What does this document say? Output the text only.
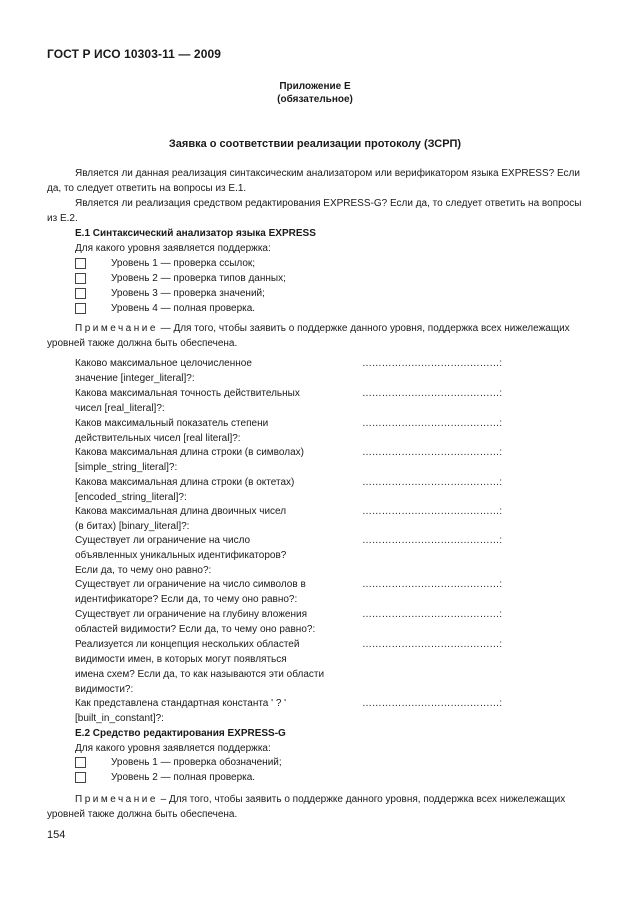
ГОСТ Р ИСО 10303-11 — 2009
Приложение E
(обязательное)
Заявка о соответствии реализации протоколу (ЗСРП)
Является ли данная реализация синтаксическим анализатором или верификатором языка EXPRESS? Если да, то следует ответить на вопросы из E.1.
Является ли реализация средством редактирования EXPRESS-G? Если да, то следует ответить на вопросы из E.2.
E.1 Синтаксический анализатор языка EXPRESS
Для какого уровня заявляется поддержка:
Уровень 1 — проверка ссылок;
Уровень 2 — проверка типов данных;
Уровень 3 — проверка значений;
Уровень 4 — полная проверка.
Примечание — Для того, чтобы заявить о поддержке данного уровня, поддержка всех нижележащих уровней также должна быть обеспечена.
Каково максимальное целочисленное
значение [integer_literal]?:
……………………………………:
Какова максимальная точность действительных
чисел [real_literal]?:
……………………………………:
Каков максимальный показатель степени
действительных чисел [real literal]?:
……………………………………:
Какова максимальная длина строки (в символах)
[simple_string_literal]?:
……………………………………:
Какова максимальная длина строки (в октетах)
[encoded_string_literal]?:
……………………………………:
Какова максимальная длина двоичных чисел
(в битах) [binary_literal]?:
……………………………………:
Существует ли ограничение на число
объявленных уникальных идентификаторов?
Если да, то чему оно равно?:
……………………………………:
Существует ли ограничение на число символов в
идентификаторе? Если да, то чему оно равно?:
……………………………………:
Существует ли ограничение на глубину вложения
областей видимости? Если да, то чему оно равно?:
……………………………………:
Реализуется ли концепция нескольких областей
видимости имен, в которых могут появляться
имена схем? Если да, то как называются эти области
видимости?:
……………………………………:
Как представлена стандартная константа ' ? '
[built_in_constant]?:
……………………………………:
E.2 Средство редактирования EXPRESS-G
Для какого уровня заявляется поддержка:
Уровень 1 — проверка обозначений;
Уровень 2 — полная проверка.
Примечание – Для того, чтобы заявить о поддержке данного уровня, поддержка всех нижележащих уровней также должна быть обеспечена.
154
